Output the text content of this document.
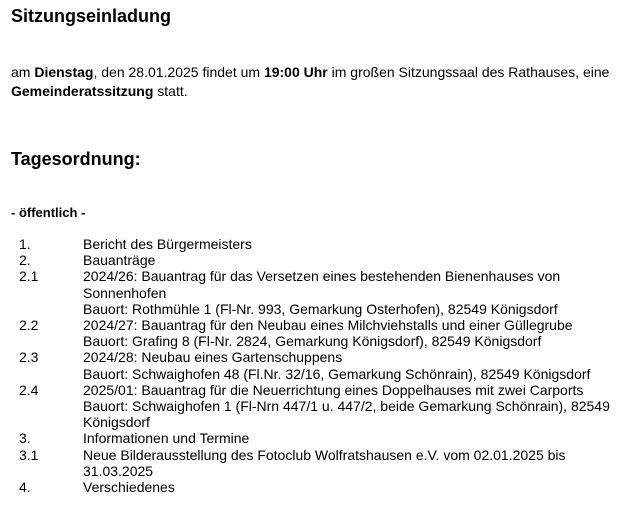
Sitzungseinladung

am Dienstag, den 28.01.2025 findet um 19:00 Uhr im großen Sitzungssaal des Rathauses, eine Gemeinderatssitzung statt.

Tagesordnung:
- öffentlich -
1.	Bericht des Bürgermeisters
2.	Bauanträge
2.1	2024/26: Bauantrag für das Versetzen eines bestehenden Bienenhauses von
Sonnenhofen
Bauort: Rothmühle 1 (Fl-Nr. 993, Gemarkung Osterhofen), 82549 Königsdorf
2.2	2024/27: Bauantrag für den Neubau eines Milchviehstalls und einer Güllegrube
Bauort: Grafing 8 (Fl-Nr. 2824, Gemarkung Königsdorf), 82549 Königsdorf
2.3	2024/28: Neubau eines Gartenschuppens
Bauort: Schwaighofen 48 (Fl.Nr. 32/16, Gemarkung Schönrain), 82549 Königsdorf
2.4	2025/01: Bauantrag für die Neuerrichtung eines Doppelhauses mit zwei Carports
Bauort: Schwaighofen 1 (Fl-Nrn 447/1 u. 447/2, beide Gemarkung Schönrain), 82549
Königsdorf
3.	Informationen und Termine
3.1	Neue Bilderausstellung des Fotoclub Wolfratshausen e.V. vom 02.01.2025 bis
31.03.2025
4.	Verschiedenes
